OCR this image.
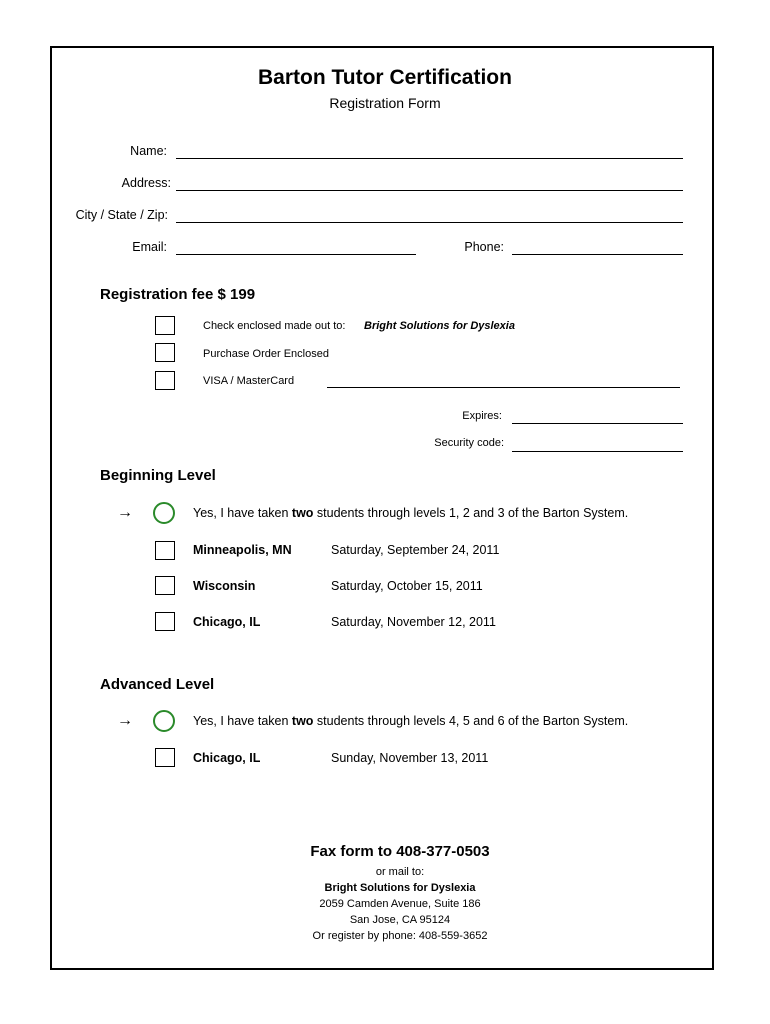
Barton Tutor Certification
Registration Form
Name:
Address:
City / State / Zip:
Email:	Phone:
Registration fee $ 199
Check enclosed made out to: Bright Solutions for Dyslexia
Purchase Order Enclosed
VISA / MasterCard
Expires:
Security code:
Beginning Level
→	Yes, I have taken two students through levels 1, 2 and 3 of the Barton System.
Minneapolis, MN	Saturday, September 24, 2011
Wisconsin	Saturday, October 15, 2011
Chicago, IL	Saturday, November 12, 2011
Advanced Level
→	Yes, I have taken two students through levels 4, 5 and 6 of the Barton System.
Chicago, IL	Sunday, November 13, 2011
Fax form to 408-377-0503
or mail to:
Bright Solutions for Dyslexia
2059 Camden Avenue, Suite 186
San Jose, CA 95124
Or register by phone: 408-559-3652
